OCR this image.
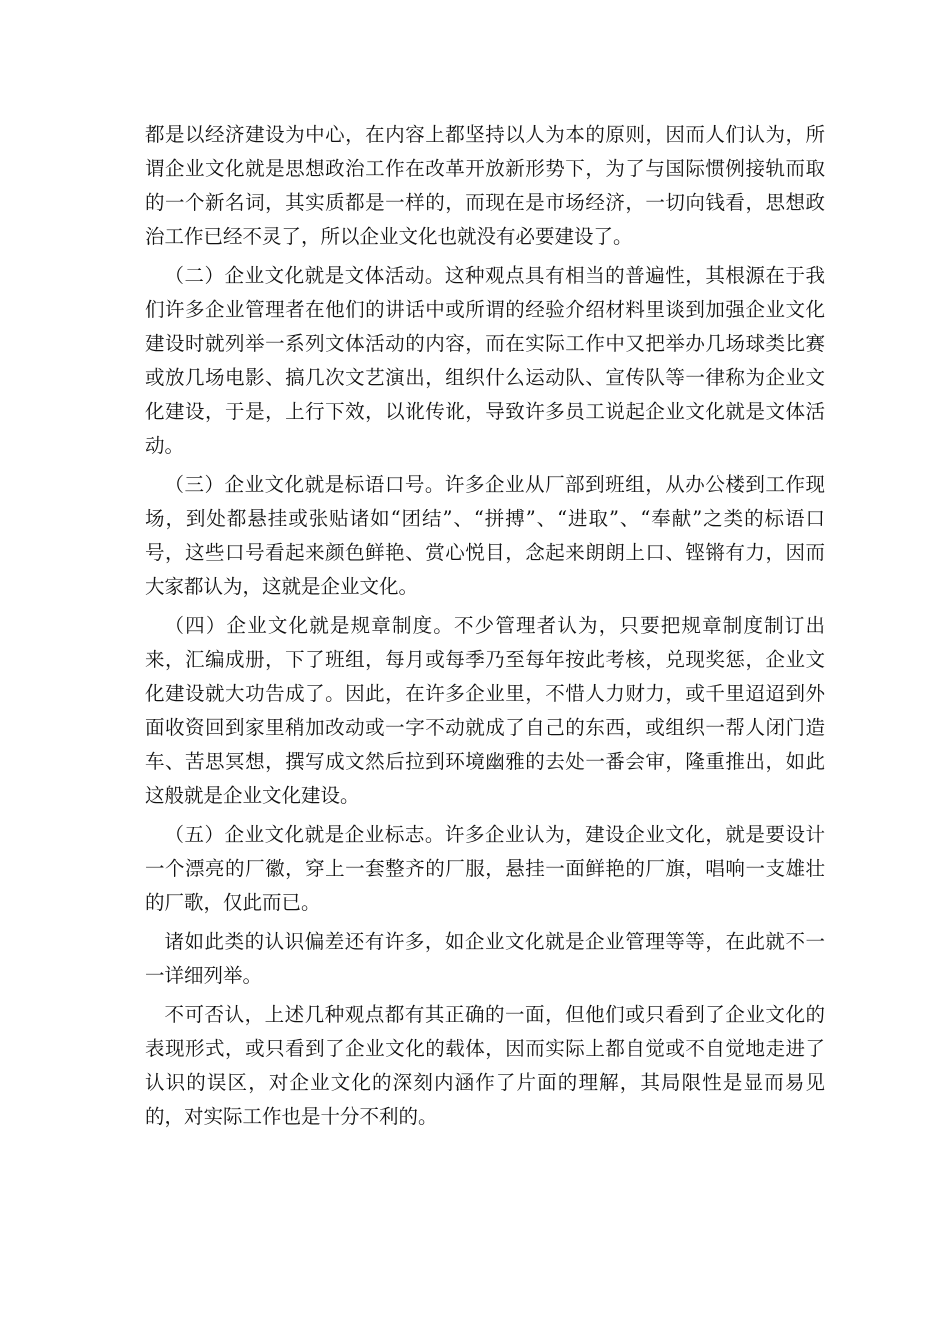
都是以经济建设为中心，在内容上都坚持以人为本的原则，因而人们认为，所谓企业文化就是思想政治工作在改革开放新形势下，为了与国际惯例接轨而取的一个新名词，其实质都是一样的，而现在是市场经济，一切向钱看，思想政治工作已经不灵了，所以企业文化也就没有必要建设了。

（二）企业文化就是文体活动。这种观点具有相当的普遍性，其根源在于我们许多企业管理者在他们的讲话中或所谓的经验介绍材料里谈到加强企业文化建设时就列举一系列文体活动的内容，而在实际工作中又把举办几场球类比赛或放几场电影、搞几次文艺演出，组织什么运动队、宣传队等一律称为企业文化建设，于是，上行下效，以讹传讹，导致许多员工说起企业文化就是文体活动。

（三）企业文化就是标语口号。许多企业从厂部到班组，从办公楼到工作现场，到处都悬挂或张贴诸如“团结”、“拼搏”、“进取”、“奉献”之类的标语口号，这些口号看起来颜色鲜艳、赏心悦目，念起来朗朗上口、铿锵有力，因而大家都认为，这就是企业文化。

（四）企业文化就是规章制度。不少管理者认为，只要把规章制度制订出来，汇编成册，下了班组，每月或每季乃至每年按此考核，兑现奖惩，企业文化建设就大功告成了。因此，在许多企业里，不惜人力财力，或千里迢迢到外面收资回到家里稍加改动或一字不动就成了自己的东西，或组织一帮人闭门造车、苦思冥想，撰写成文然后拉到环境幽雅的去处一番会审，隆重推出，如此这般就是企业文化建设。

（五）企业文化就是企业标志。许多企业认为，建设企业文化，就是要设计一个漂亮的厂徽，穿上一套整齐的厂服，悬挂一面鲜艳的厂旗，唱响一支雄壮的厂歌，仅此而已。

诸如此类的认识偏差还有许多，如企业文化就是企业管理等等，在此就不一一详细列举。

不可否认，上述几种观点都有其正确的一面，但他们或只看到了企业文化的表现形式，或只看到了企业文化的载体，因而实际上都自觉或不自觉地走进了认识的误区，对企业文化的深刻内涵作了片面的理解，其局限性是显而易见的，对实际工作也是十分不利的。
